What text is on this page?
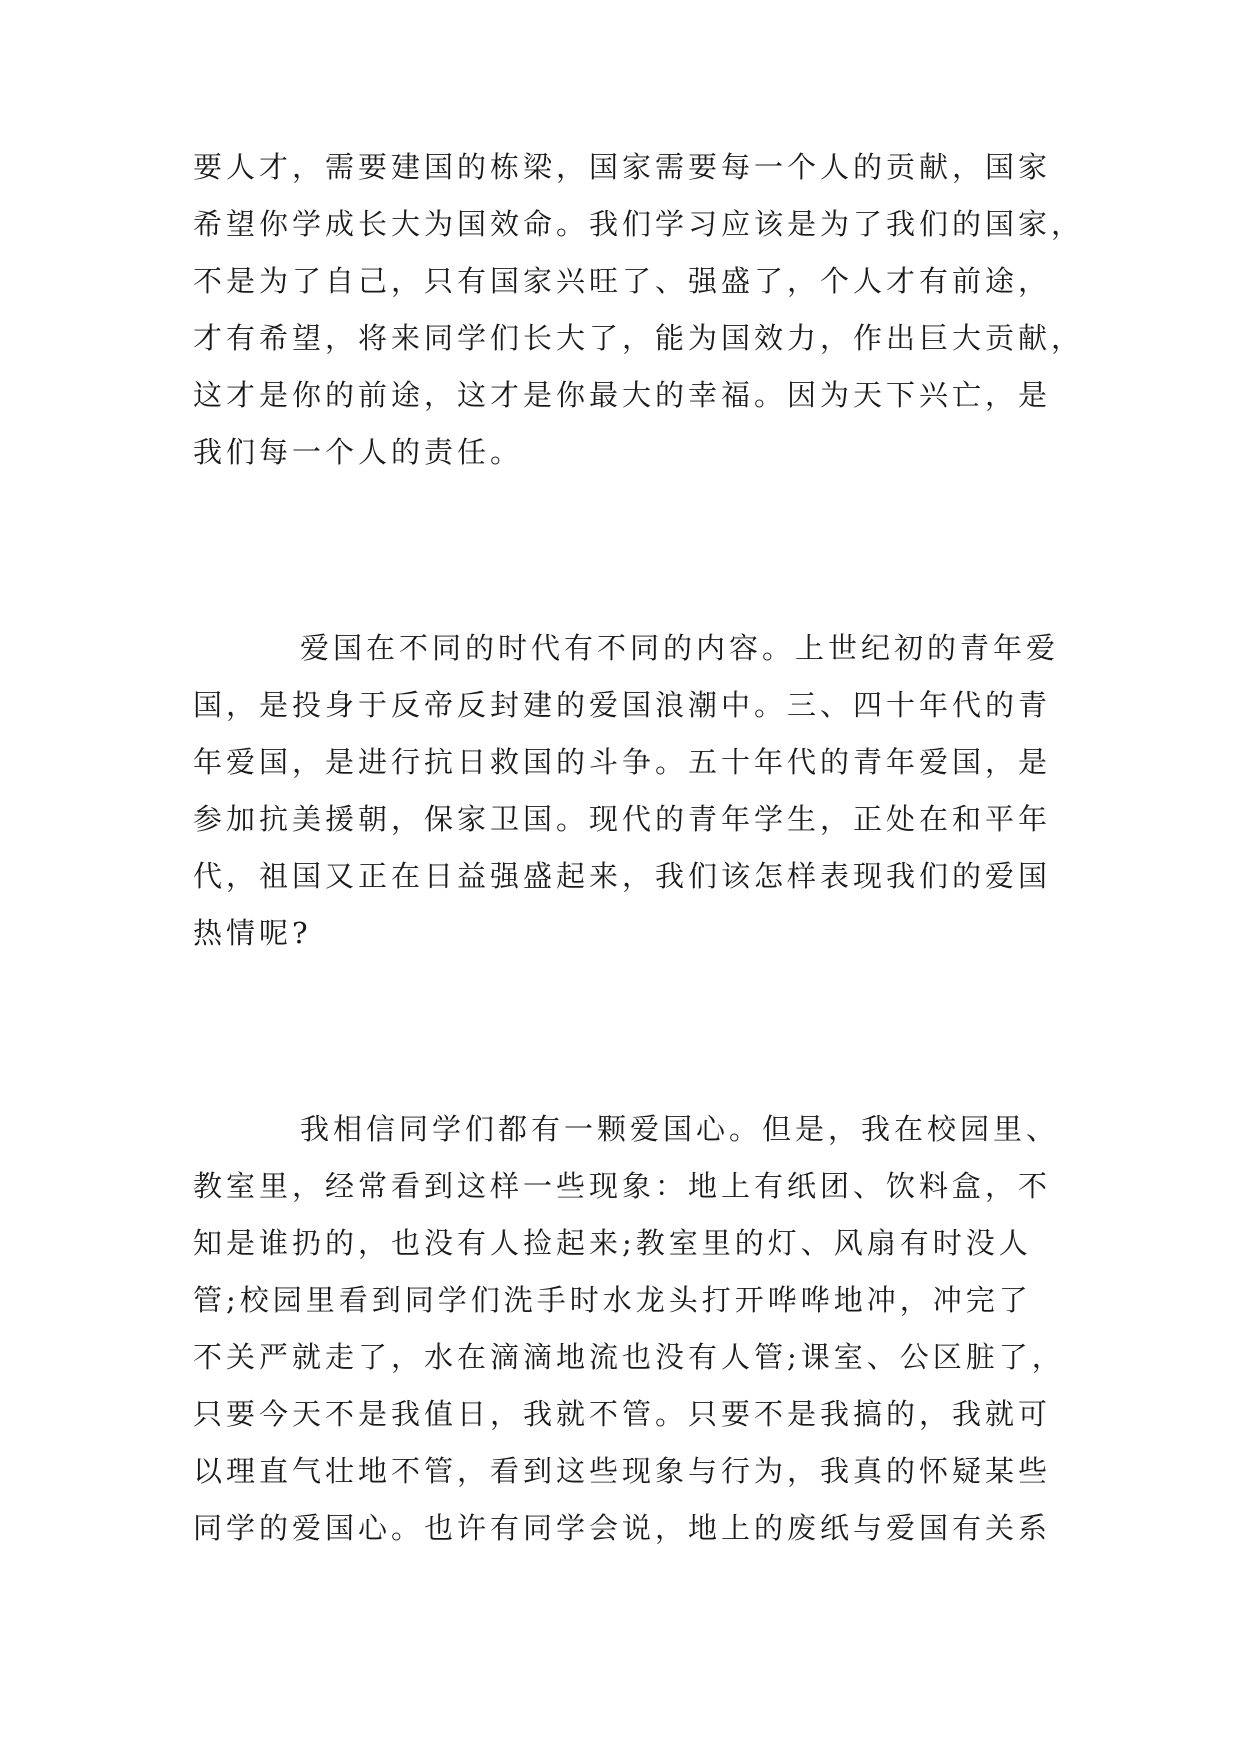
要人才，需要建国的栋梁，国家需要每一个人的贡献，国家

希望你学成长大为国效命。我们学习应该是为了我们的国家，

不是为了自己，只有国家兴旺了、强盛了，个人才有前途，

才有希望，将来同学们长大了，能为国效力，作出巨大贡献，

这才是你的前途，这才是你最大的幸福。因为天下兴亡，是

我们每一个人的责任。

爱国在不同的时代有不同的内容。上世纪初的青年爱

国，是投身于反帝反封建的爱国浪潮中。三、四十年代的青

年爱国，是进行抗日救国的斗争。五十年代的青年爱国，是

参加抗美援朝，保家卫国。现代的青年学生，正处在和平年

代，祖国又正在日益强盛起来，我们该怎样表现我们的爱国

热情呢?

我相信同学们都有一颗爱国心。但是，我在校园里、

教室里，经常看到这样一些现象：地上有纸团、饮料盒，不

知是谁扔的，也没有人捡起来;教室里的灯、风扇有时没人

管;校园里看到同学们洗手时水龙头打开哗哗地冲，冲完了

不关严就走了，水在滴滴地流也没有人管;课室、公区脏了，

只要今天不是我值日，我就不管。只要不是我搞的，我就可

以理直气壮地不管，看到这些现象与行为，我真的怀疑某些

同学的爱国心。也许有同学会说，地上的废纸与爱国有关系
